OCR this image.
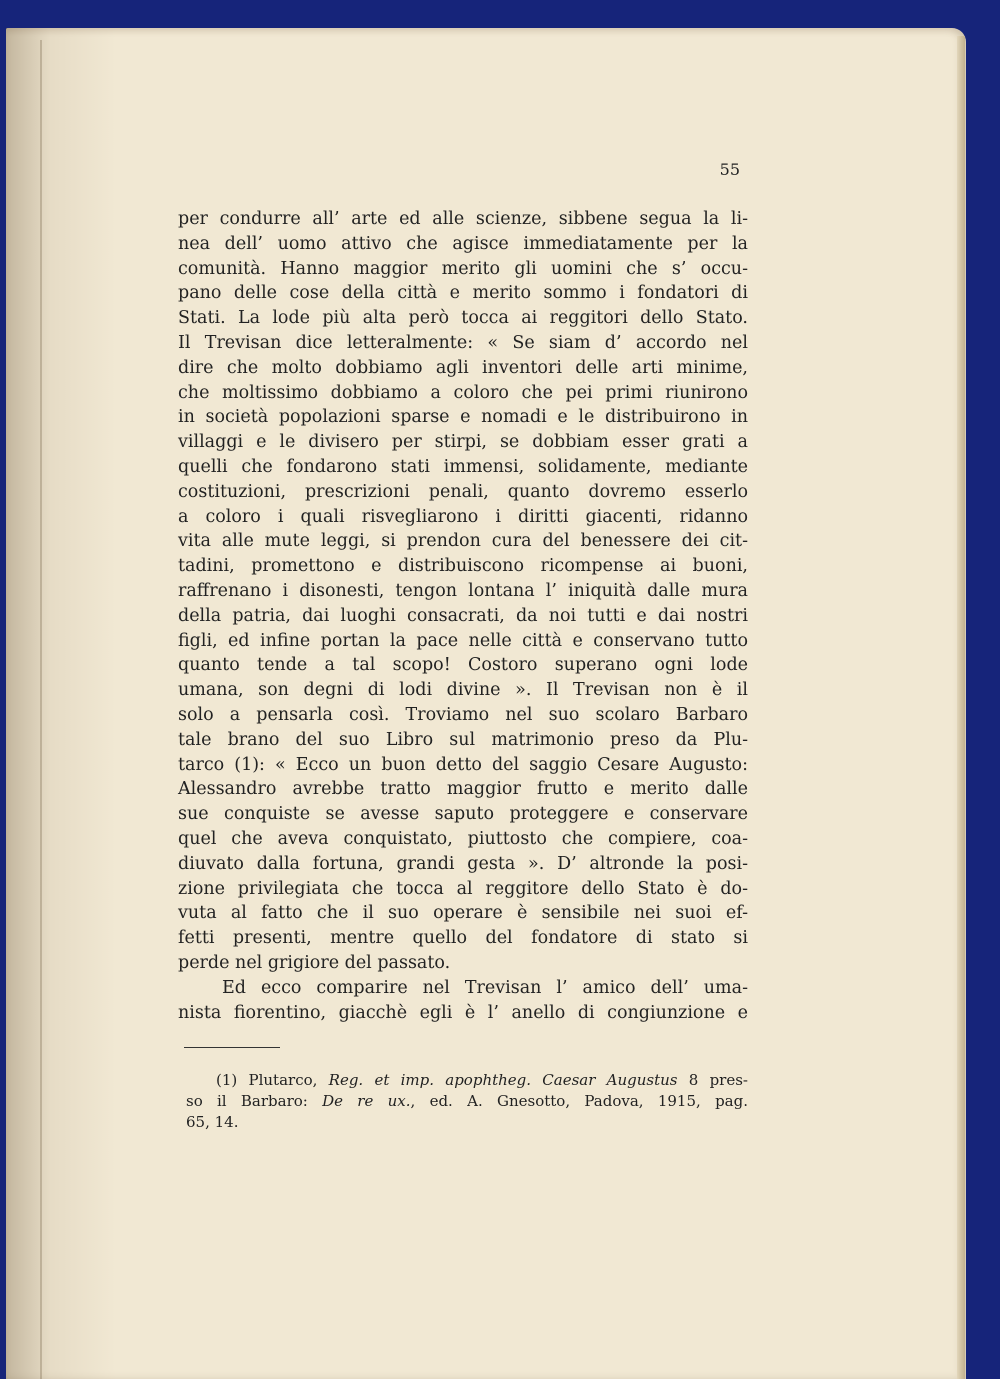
55
per condurre all’ arte ed alle scienze, sibbene segua la li-
nea dell’ uomo attivo che agisce immediatamente per la
comunità. Hanno maggior merito gli uomini che s’ occu-
pano delle cose della città e merito sommo i fondatori di
Stati. La lode più alta però tocca ai reggitori dello Stato.
Il Trevisan dice letteralmente: « Se siam d’ accordo nel
dire che molto dobbiamo agli inventori delle arti minime,
che moltissimo dobbiamo a coloro che pei primi riunirono
in società popolazioni sparse e nomadi e le distribuirono in
villaggi e le divisero per stirpi, se dobbiam esser grati a
quelli che fondarono stati immensi, solidamente, mediante
costituzioni, prescrizioni penali, quanto dovremo esserlo
a coloro i quali risvegliarono i diritti giacenti, ridanno
vita alle mute leggi, si prendon cura del benessere dei cit-
tadini, promettono e distribuiscono ricompense ai buoni,
raffrenano i disonesti, tengon lontana l’ iniquità dalle mura
della patria, dai luoghi consacrati, da noi tutti e dai nostri
figli, ed infine portan la pace nelle città e conservano tutto
quanto tende a tal scopo! Costoro superano ogni lode
umana, son degni di lodi divine ». Il Trevisan non è il
solo a pensarla così. Troviamo nel suo scolaro Barbaro
tale brano del suo Libro sul matrimonio preso da Plu-
tarco (1): « Ecco un buon detto del saggio Cesare Augusto:
Alessandro avrebbe tratto maggior frutto e merito dalle
sue conquiste se avesse saputo proteggere e conservare
quel che aveva conquistato, piuttosto che compiere, coa-
diuvato dalla fortuna, grandi gesta ». D’ altronde la posi-
zione privilegiata che tocca al reggitore dello Stato è do-
vuta al fatto che il suo operare è sensibile nei suoi ef-
fetti presenti, mentre quello del fondatore di stato si
perde nel grigiore del passato.
Ed ecco comparire nel Trevisan l’ amico dell’ uma-
nista fiorentino, giacchè egli è l’ anello di congiunzione e
(1) Plutarco, Reg. et imp. apophtheg. Caesar Augustus 8 pres-
so il Barbaro: De re ux., ed. A. Gnesotto, Padova, 1915, pag.
65, 14.
